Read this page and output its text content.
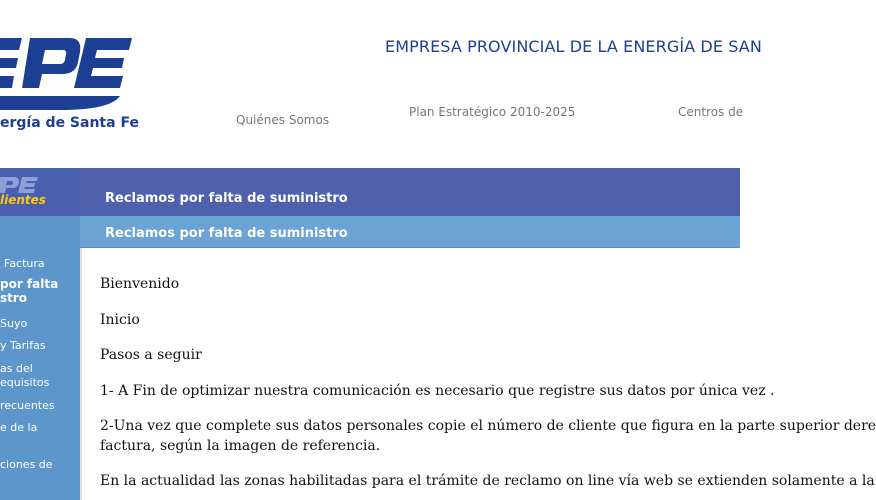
ergía de Santa Fe
EMPRESA PROVINCIAL DE LA ENERGÍA DE SAN
Quiénes Somos
Plan Estratégico 2010-2025	Centros de
lientes
Factura
por falta
stro
Suyo
y Tarifas
as del
equisitos
recuentes
e de la
ciones de
Reclamos por falta de suministro
Reclamos por falta de suministro
Bienvenido
Inicio
Pasos a seguir
1- A Fin de optimizar nuestra comunicación es necesario que registre sus datos por única vez .
2-Una vez que complete sus datos personales copie el número de cliente que figura en la parte superior dere
factura, según la imagen de referencia.
En la actualidad las zonas habilitadas para el trámite de reclamo on line vía web se extienden solamente a la
